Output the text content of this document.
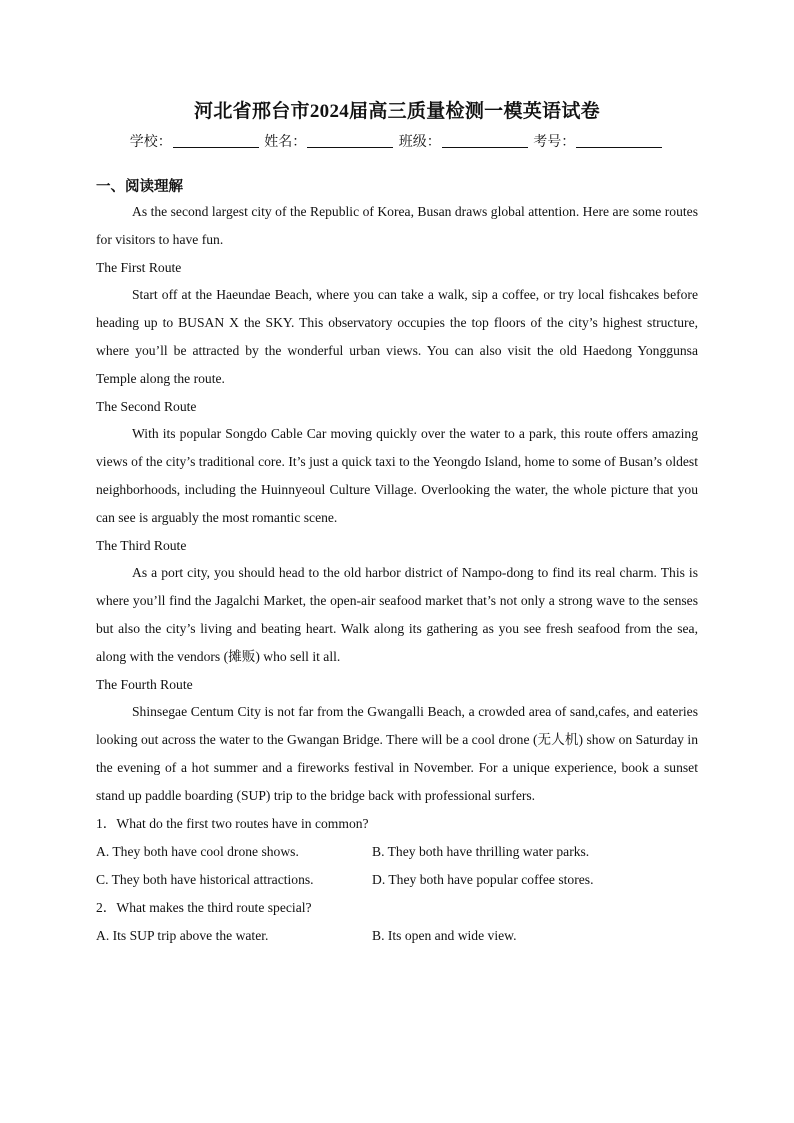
河北省邢台市2024届高三质量检测一模英语试卷
学校：	姓名：	班级：	考号：
一、阅读理解

As the second largest city of the Republic of Korea, Busan draws global attention. Here are some routes for visitors to have fun.

The First Route

Start off at the Haeundae Beach, where you can take a walk, sip a coffee, or try local fishcakes before heading up to BUSAN X the SKY. This observatory occupies the top floors of the city’s highest structure, where you’ll be attracted by the wonderful urban views. You can also visit the old Haedong Yonggunsa Temple along the route.

The Second Route

With its popular Songdo Cable Car moving quickly over the water to a park, this route offers amazing views of the city’s traditional core. It’s just a quick taxi to the Yeongdo Island, home to some of Busan’s oldest neighborhoods, including the Huinnyeoul Culture Village. Overlooking the water, the whole picture that you can see is arguably the most romantic scene.

The Third Route

As a port city, you should head to the old harbor district of Nampo-dong to find its real charm. This is where you’ll find the Jagalchi Market, the open-air seafood market that’s not only a strong wave to the senses but also the city’s living and beating heart. Walk along its gathering as you see fresh seafood from the sea, along with the vendors (摊贩) who sell it all.

The Fourth Route

Shinsegae Centum City is not far from the Gwangalli Beach, a crowded area of sand,cafes, and eateries looking out across the water to the Gwangan Bridge. There will be a cool drone (无人机) show on Saturday in the evening of a hot summer and a fireworks festival in November. For a unique experience, book a sunset stand up paddle boarding (SUP) trip to the bridge back with professional surfers.

1．What do the first two routes have in common?

A. They both have cool drone shows.	B. They both have thrilling water parks.
C. They both have historical attractions.	D. They both have popular coffee stores.

2．What makes the third route special?

A. Its SUP trip above the water.	B. Its open and wide view.
